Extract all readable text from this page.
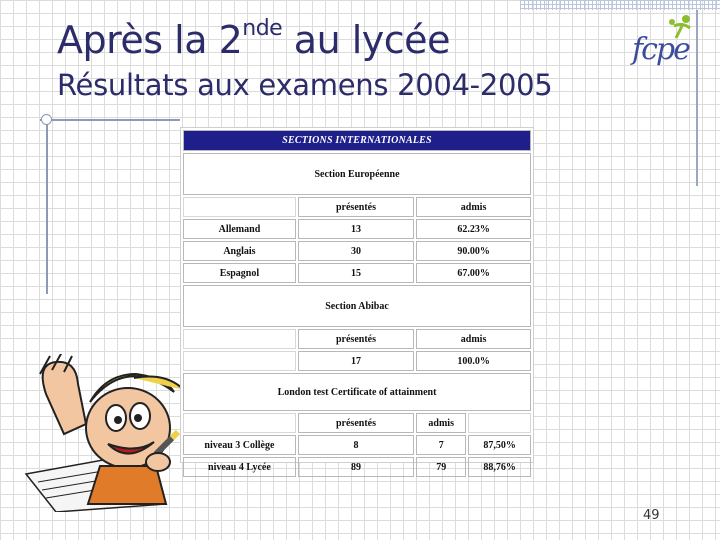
Après la 2nde au lycée
Résultats aux examens 2004-2005
fcpe
SECTIONS INTERNATIONALES			
Section Européenne			
	présentés	admis	
Allemand	13	62.23%	
Anglais	30	90.00%	
Espagnol	15	67.00%	
Section Abibac			
	présentés	admis	
	17	100.0%	
London test Certificate of attainment			
	présentés	admis	
niveau 3 Collège	8	7	87,50%
niveau 4 Lycée	89	79	88,76%
49
